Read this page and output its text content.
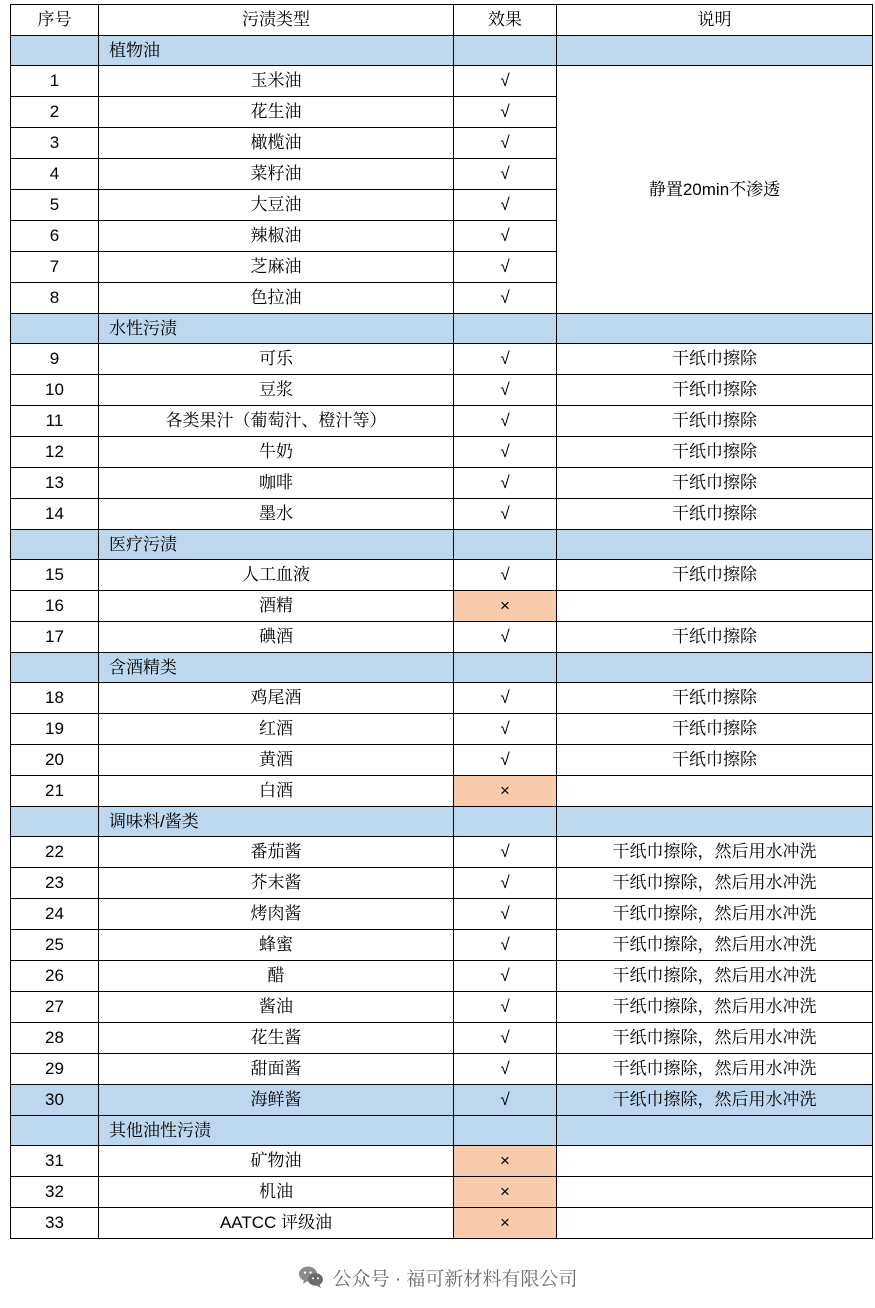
序号	污渍类型	效果	说明
	植物油		
1	玉米油	√	静置20min不渗透
2	花生油	√	
3	橄榄油	√	
4	菜籽油	√	
5	大豆油	√	
6	辣椒油	√	
7	芝麻油	√	
8	色拉油	√	
	水性污渍		
9	可乐	√	干纸巾擦除
10	豆浆	√	干纸巾擦除
11	各类果汁（葡萄汁、橙汁等）	√	干纸巾擦除
12	牛奶	√	干纸巾擦除
13	咖啡	√	干纸巾擦除
14	墨水	√	干纸巾擦除
	医疗污渍		
15	人工血液	√	干纸巾擦除
16	酒精	×	
17	碘酒	√	干纸巾擦除
	含酒精类		
18	鸡尾酒	√	干纸巾擦除
19	红酒	√	干纸巾擦除
20	黄酒	√	干纸巾擦除
21	白酒	×	
	调味料/酱类		
22	番茄酱	√	干纸巾擦除，然后用水冲洗
23	芥末酱	√	干纸巾擦除，然后用水冲洗
24	烤肉酱	√	干纸巾擦除，然后用水冲洗
25	蜂蜜	√	干纸巾擦除，然后用水冲洗
26	醋	√	干纸巾擦除，然后用水冲洗
27	酱油	√	干纸巾擦除，然后用水冲洗
28	花生酱	√	干纸巾擦除，然后用水冲洗
29	甜面酱	√	干纸巾擦除，然后用水冲洗
30	海鲜酱	√	干纸巾擦除，然后用水冲洗
	其他油性污渍		
31	矿物油	×	
32	机油	×	
33	AATCC 评级油	×	
公众号 · 福可新材料有限公司
